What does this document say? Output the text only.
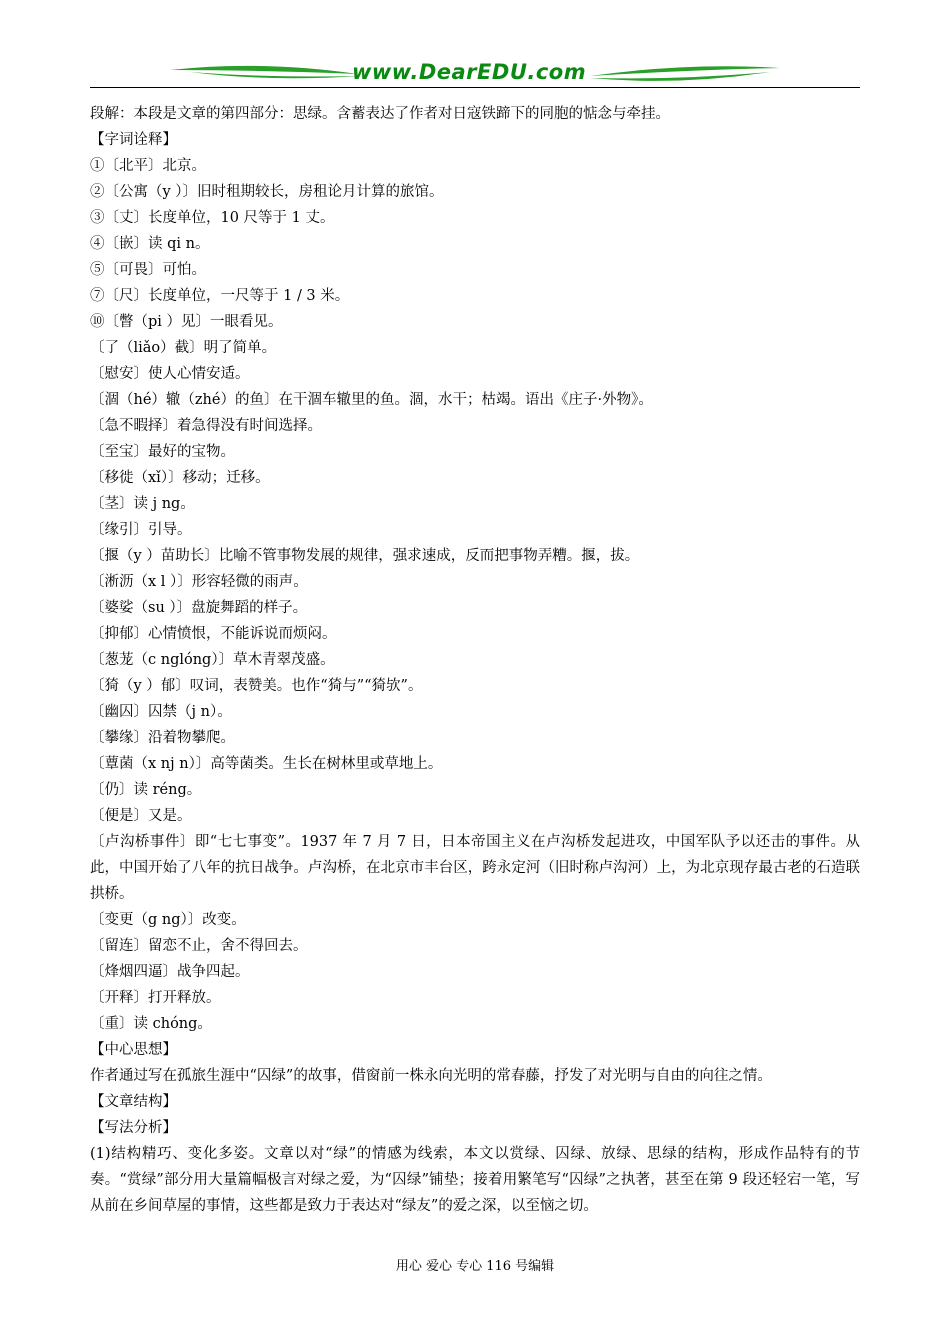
www.DearEDU.com
段解：本段是文章的第四部分：思绿。含蓄表达了作者对日寇铁蹄下的同胞的惦念与牵挂。
【字词诠释】
①〔北平〕北京。
②〔公寓（y ）〕旧时租期较长，房租论月计算的旅馆。
③〔丈〕长度单位，10 尺等于 1 丈。
④〔嵌〕读 qi n。
⑤〔可畏〕可怕。
⑦〔尺〕长度单位，一尺等于 1 / 3 米。
⑩〔瞥（pi ）见〕一眼看见。
〔了（liǎo）截〕明了简单。
〔慰安〕使人心情安适。
〔涸（hé）辙（zhé）的鱼〕在干涸车辙里的鱼。涸，水干；枯竭。语出《庄子·外物》。
〔急不暇择〕着急得没有时间选择。
〔至宝〕最好的宝物。
〔移徙（xǐ）〕移动；迁移。
〔茎〕读 j ng。
〔缘引〕引导。
〔揠（y ）苗助长〕比喻不管事物发展的规律，强求速成，反而把事物弄糟。揠，拔。
〔淅沥（x l ）〕形容轻微的雨声。
〔婆娑（su ）〕盘旋舞蹈的样子。
〔抑郁〕心情愤恨，不能诉说而烦闷。
〔葱茏（c nglóng）〕草木青翠茂盛。
〔猗（y ）郁〕叹词，表赞美。也作“猗与”“猗欤”。
〔幽囚〕囚禁（j n）。
〔攀缘〕沿着物攀爬。
〔蕈菌（x nj n）〕高等菌类。生长在树林里或草地上。
〔仍〕读 réng。
〔便是〕又是。
〔卢沟桥事件〕即“七七事变”。1937 年 7 月 7 日，日本帝国主义在卢沟桥发起进攻，中国军队予以还击的事件。从此，中国开始了八年的抗日战争。卢沟桥，在北京市丰台区，跨永定河（旧时称卢沟河）上，为北京现存最古老的石造联拱桥。
〔变更（g ng）〕改变。
〔留连〕留恋不止，舍不得回去。
〔烽烟四逼〕战争四起。
〔开释〕打开释放。
〔重〕读 chóng。
【中心思想】
作者通过写在孤旅生涯中“囚绿”的故事，借窗前一株永向光明的常春藤，抒发了对光明与自由的向往之情。
【文章结构】
【写法分析】
(1)结构精巧、变化多姿。文章以对“绿”的情感为线索，本文以赏绿、囚绿、放绿、思绿的结构，形成作品特有的节奏。“赏绿”部分用大量篇幅极言对绿之爱，为“囚绿”铺垫；接着用繁笔写“囚绿”之执著，甚至在第 9 段还轻宕一笔，写从前在乡间草屋的事情，这些都是致力于表达对“绿友”的爱之深，以至恼之切。
用心 爱心 专心 116 号编辑
